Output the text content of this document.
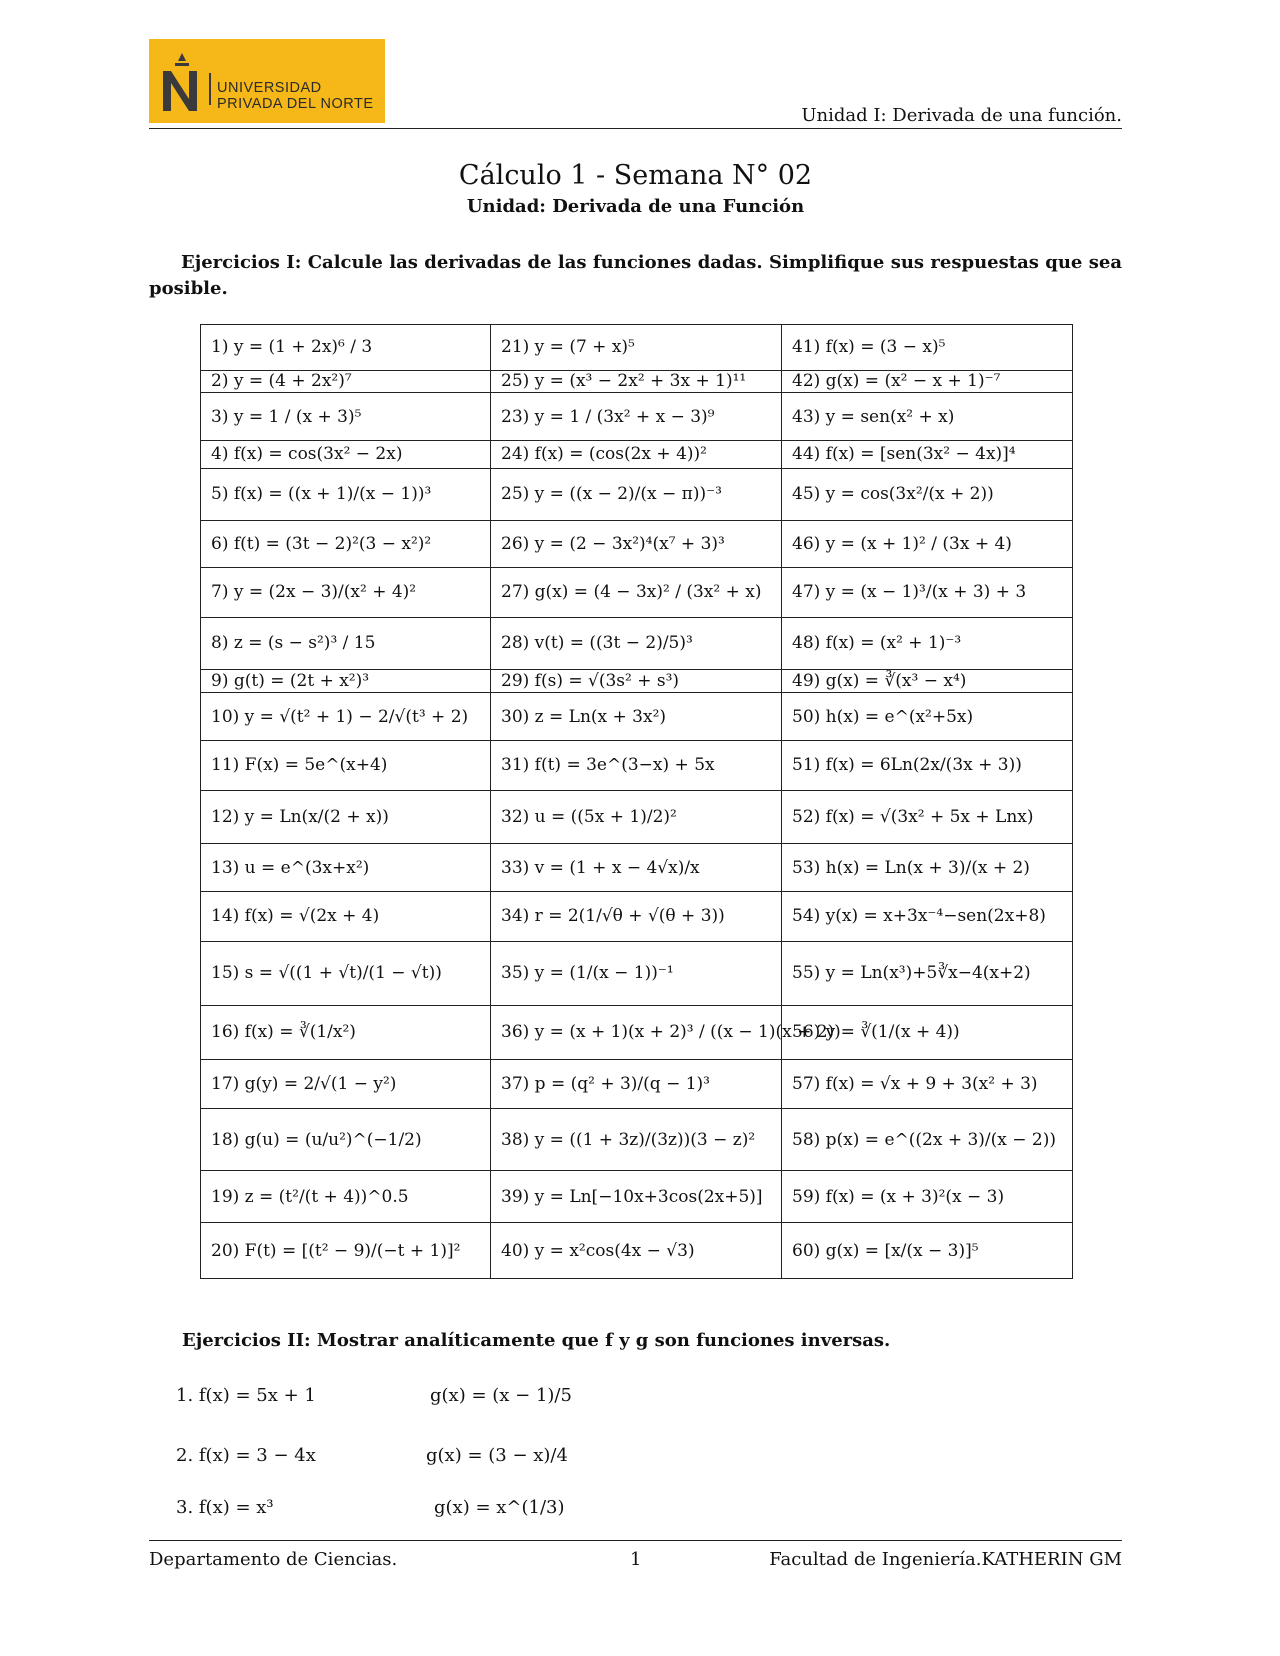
UNIVERSIDAD
PRIVADA DEL NORTE
Unidad I: Derivada de una función.
Cálculo 1 - Semana N° 02
Unidad: Derivada de una Función
Ejercicios I: Calcule las derivadas de las funciones dadas. Simplifique sus respuestas que sea posible.
1) y = (1 + 2x)⁶ / 3	21) y = (7 + x)⁵	41) f(x) = (3 − x)⁵
2) y = (4 + 2x²)⁷	25) y = (x³ − 2x² + 3x + 1)¹¹	42) g(x) = (x² − x + 1)⁻⁷
3) y = 1 / (x + 3)⁵	23) y = 1 / (3x² + x − 3)⁹	43) y = sen(x² + x)
4) f(x) = cos(3x² − 2x)	24) f(x) = (cos(2x + 4))²	44) f(x) = [sen(3x² − 4x)]⁴
5) f(x) = ((x + 1)/(x − 1))³	25) y = ((x − 2)/(x − π))⁻³	45) y = cos(3x²/(x + 2))
6) f(t) = (3t − 2)²(3 − x²)²	26) y = (2 − 3x²)⁴(x⁷ + 3)³	46) y = (x + 1)² / (3x + 4)
7) y = (2x − 3)/(x² + 4)²	27) g(x) = (4 − 3x)² / (3x² + x)	47) y = (x − 1)³/(x + 3) + 3
8) z = (s − s²)³ / 15	28) v(t) = ((3t − 2)/5)³	48) f(x) = (x² + 1)⁻³
9) g(t) = (2t + x²)³	29) f(s) = √(3s² + s³)	49) g(x) = ∛(x³ − x⁴)
10) y = √(t² + 1) − 2/√(t³ + 2)	30) z = Ln(x + 3x²)	50) h(x) = e^(x²+5x)
11) F(x) = 5e^(x+4)	31) f(t) = 3e^(3−x) + 5x	51) f(x) = 6Ln(2x/(3x + 3))
12) y = Ln(x/(2 + x))	32) u = ((5x + 1)/2)²	52) f(x) = √(3x² + 5x + Lnx)
13) u = e^(3x+x²)	33) v = (1 + x − 4√x)/x	53) h(x) = Ln(x + 3)/(x + 2)
14) f(x) = √(2x + 4)	34) r = 2(1/√θ + √(θ + 3))	54) y(x) = x+3x⁻⁴−sen(2x+8)
15) s = √((1 + √t)/(1 − √t))	35) y = (1/(x − 1))⁻¹	55) y = Ln(x³)+5∛x−4(x+2)
16) f(x) = ∛(1/x²)	36) y = (x + 1)(x + 2)³ / ((x − 1)(x + 2))	56) y = ∛(1/(x + 4))
17) g(y) = 2/√(1 − y²)	37) p = (q² + 3)/(q − 1)³	57) f(x) = √x + 9 + 3(x² + 3)
18) g(u) = (u/u²)^(−1/2)	38) y = ((1 + 3z)/(3z))(3 − z)²	58) p(x) = e^((2x + 3)/(x − 2))
19) z = (t²/(t + 4))^0.5	39) y = Ln[−10x+3cos(2x+5)]	59) f(x) = (x + 3)²(x − 3)
20) F(t) = [(t² − 9)/(−t + 1)]²	40) y = x²cos(4x − √3)	60) g(x) = [x/(x − 3)]⁵
Ejercicios II: Mostrar analíticamente que f y g son funciones inversas.
1. f(x) = 5x + 1	g(x) = (x − 1)/5
2. f(x) = 3 − 4x	g(x) = (3 − x)/4
3. f(x) = x³	g(x) = x^(1/3)
Departamento de Ciencias.	1	Facultad de Ingeniería.KATHERIN GM
